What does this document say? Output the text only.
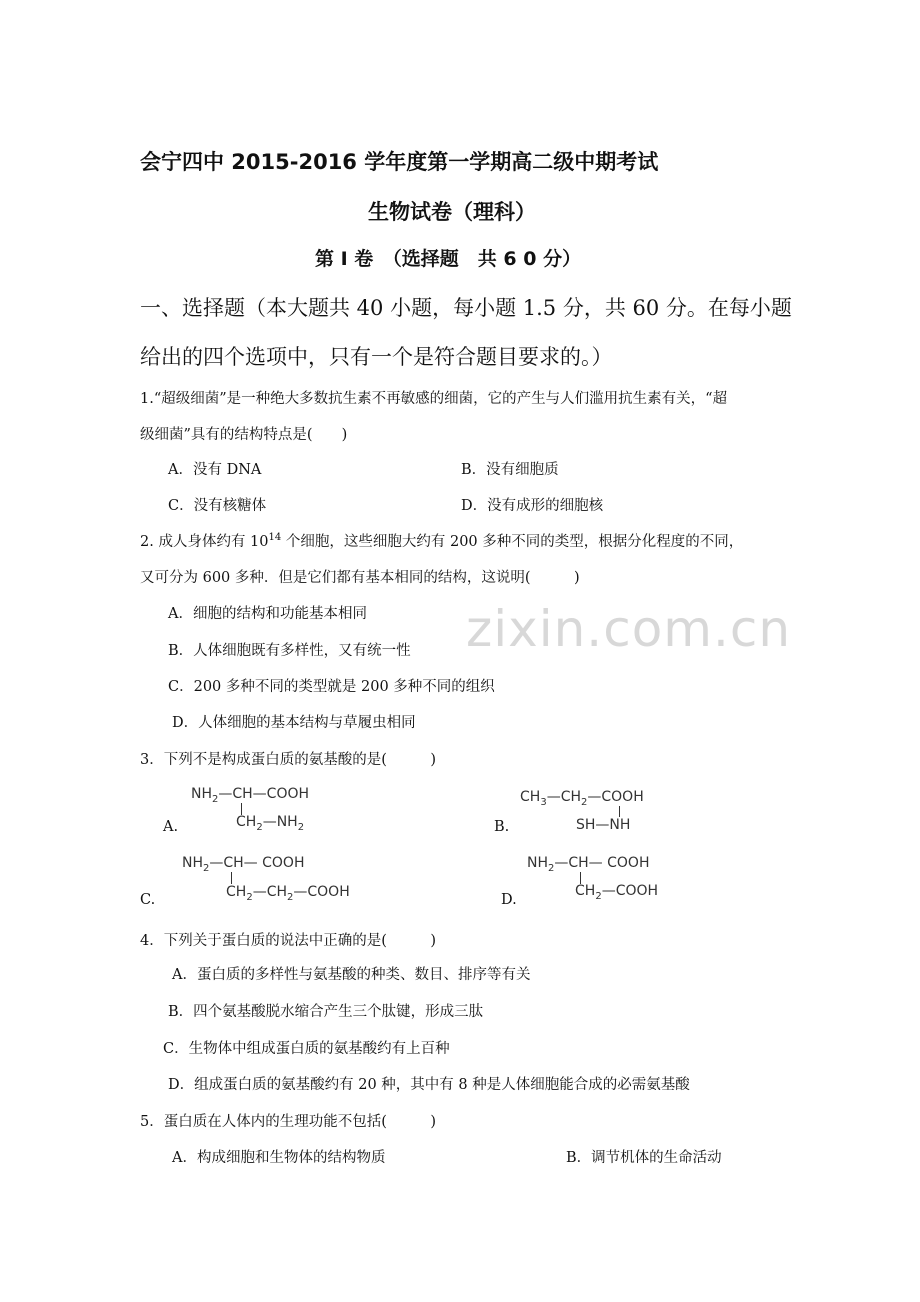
zixin.com.cn
会宁四中 2015-2016 学年度第一学期高二级中期考试
生物试卷（理科）
第 I 卷　（选择题　共 6 0 分）
一、选择题（本大题共 40 小题，每小题 1.5 分，共 60 分。在每小题
给出的四个选项中，只有一个是符合题目要求的。）
1.“超级细菌”是一种绝大多数抗生素不再敏感的细菌，它的产生与人们滥用抗生素有关，“超
级细菌”具有的结构特点是(　　)
A．没有 DNA	B．没有细胞质
C．没有核糖体	D．没有成形的细胞核
2. 成人身体约有 $10^{14}$ 个细胞，这些细胞大约有 200 多种不同的类型，根据分化程度的不同，
又可分为 600 多种．但是它们都有基本相同的结构，这说明(　　　)
A．细胞的结构和功能基本相同
B．人体细胞既有多样性，又有统一性
C．200 多种不同的类型就是 200 多种不同的组织
D．人体细胞的基本结构与草履虫相同
3．下列不是构成蛋白质的氨基酸的是(　　　)
A.
$NH_2—CH—COOH$
$CH_2—NH_2$	B.
$CH_3—CH_2—COOH$
SH—NH
C.
$NH_2—CH—$ COOH
$CH_2—CH_2—COOH$	D.
$NH_2—CH—$ COOH
$CH_2—COOH$
4．下列关于蛋白质的说法中正确的是(　　　)
A．蛋白质的多样性与氨基酸的种类、数目、排序等有关
B．四个氨基酸脱水缩合产生三个肽键，形成三肽
C．生物体中组成蛋白质的氨基酸约有上百种
D．组成蛋白质的氨基酸约有 20 种，其中有 8 种是人体细胞能合成的必需氨基酸
5．蛋白质在人体内的生理功能不包括(　　　)
A．构成细胞和生物体的结构物质	B．调节机体的生命活动
